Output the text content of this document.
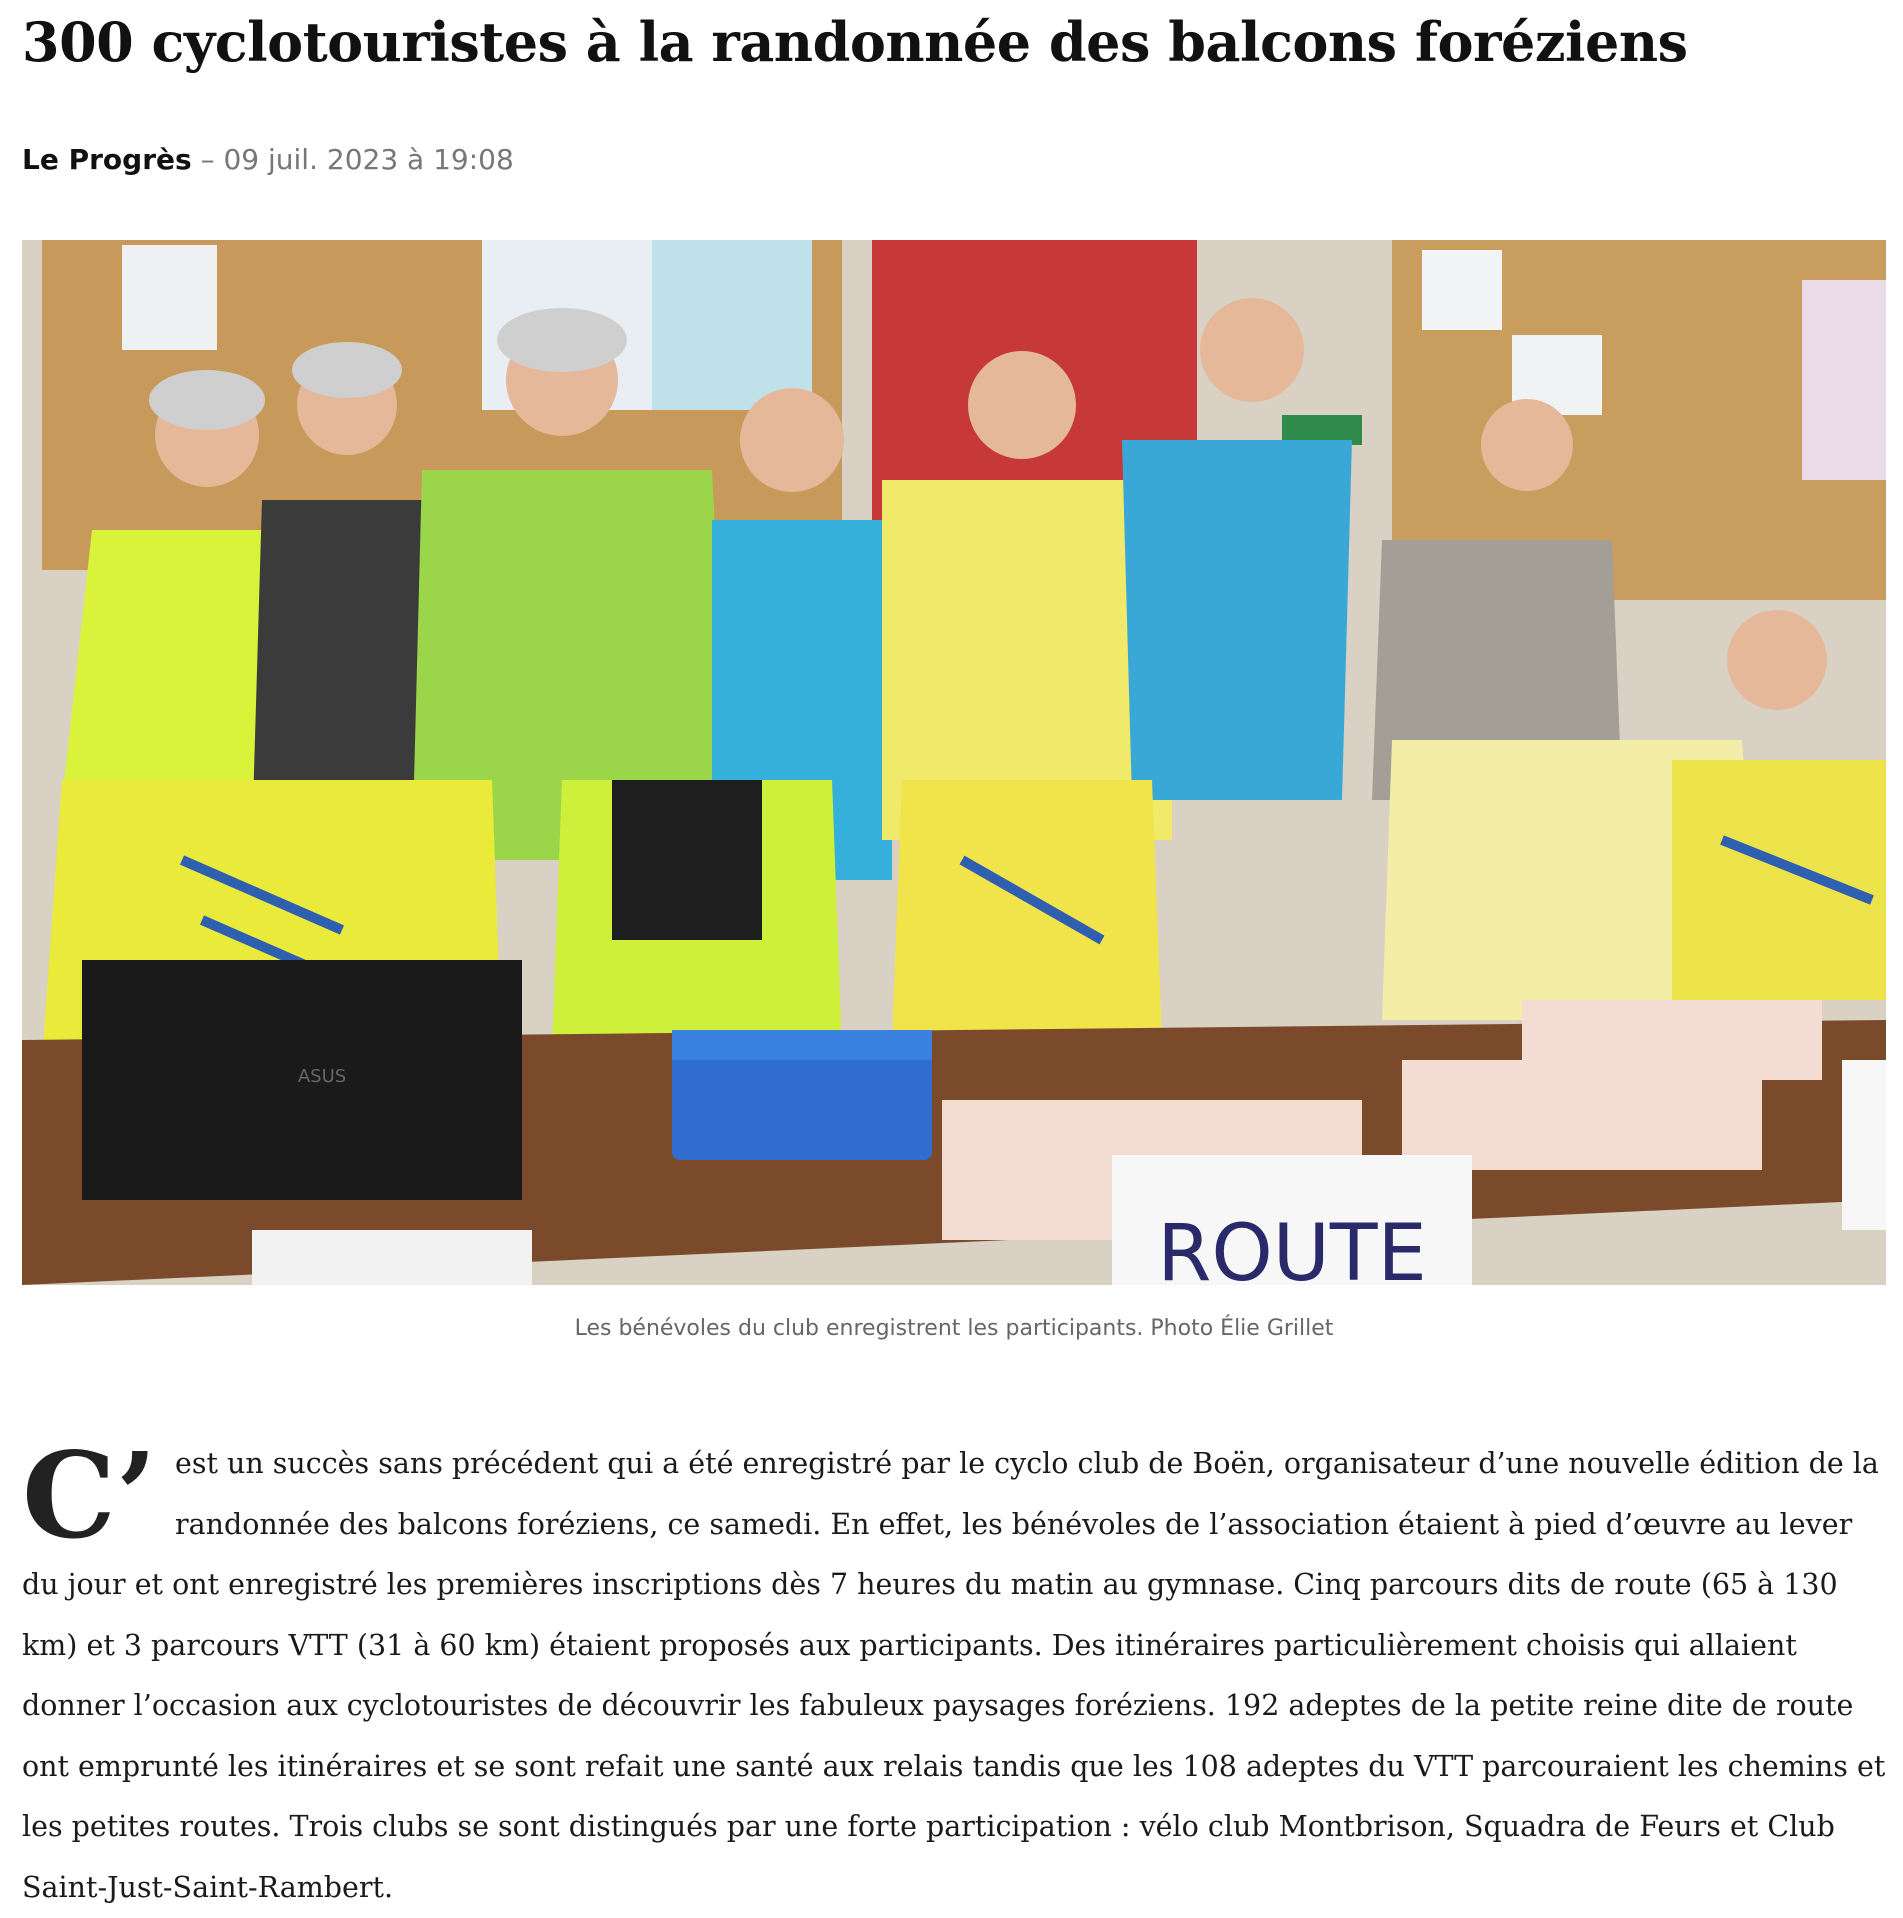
300 cyclotouristes à la randonnée des balcons foréziens
Le Progrès – 09 juil. 2023 à 19:08
ASUS
ROUTE
Les bénévoles du club enregistrent les participants. Photo Élie Grillet

C’ est un succès sans précédent qui a été enregistré par le cyclo club de Boën, organisateur d’une nouvelle édition de la randonnée des balcons foréziens, ce samedi. En effet, les bénévoles de l’association étaient à pied d’œuvre au lever du jour et ont enregistré les premières inscriptions dès 7 heures du matin au gymnase. Cinq parcours dits de route (65 à 130 km) et 3 parcours VTT (31 à 60 km) étaient proposés aux participants. Des itinéraires particulièrement choisis qui allaient donner l’occasion aux cyclotouristes de découvrir les fabuleux paysages foréziens. 192 adeptes de la petite reine dite de route ont emprunté les itinéraires et se sont refait une santé aux relais tandis que les 108 adeptes du VTT parcouraient les chemins et les petites routes. Trois clubs se sont distingués par une forte participation : vélo club Montbrison, Squadra de Feurs et Club Saint-Just-Saint-Rambert.
